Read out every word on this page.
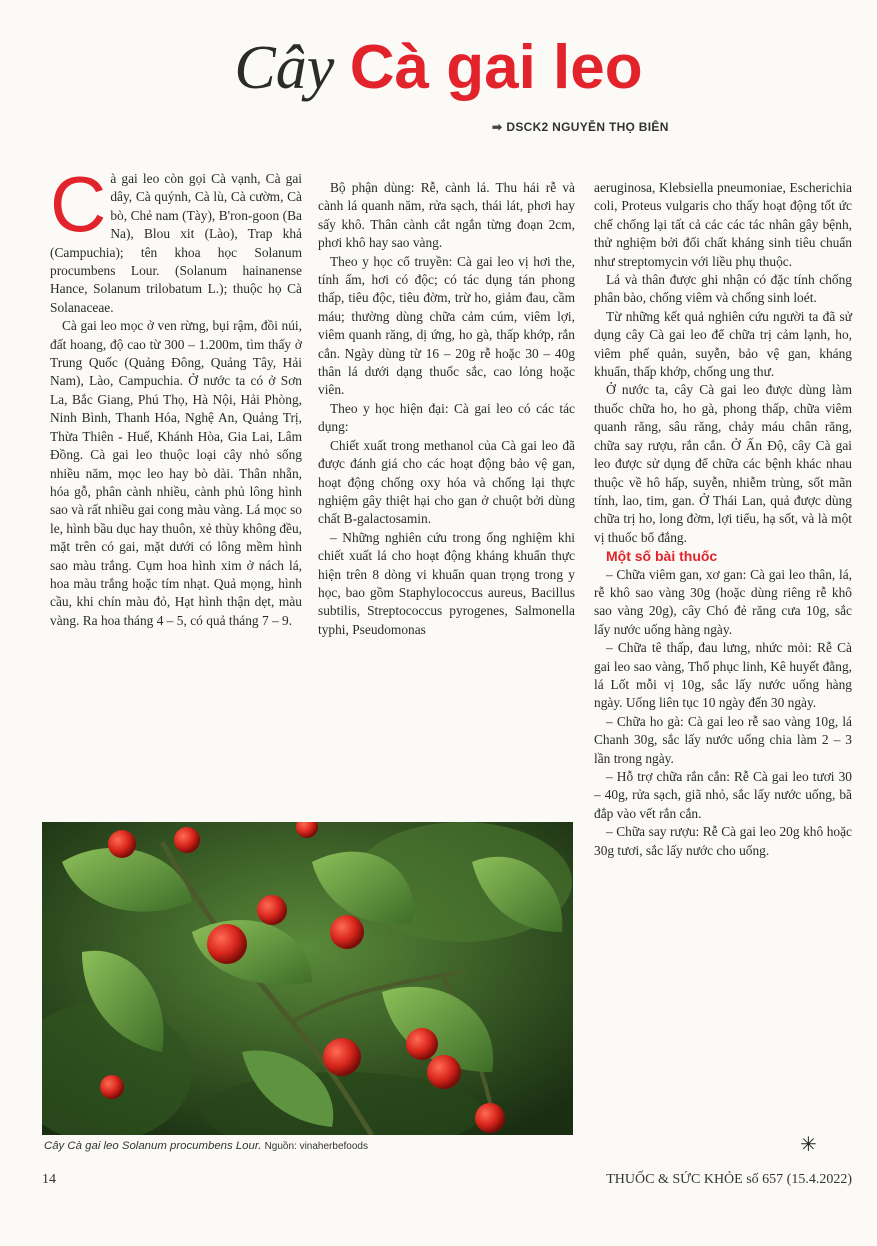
Cây Cà gai leo
➡ DSCK2 NGUYỄN THỌ BIÊN
C à gai leo còn gọi Cà vạnh, Cà gai dây, Cà quýnh, Cà lù, Cà cườm, Cà bò, Chẻ nam (Tày), B'ron-goon (Ba Na), Blou xit (Lào), Trap khả (Campuchia); tên khoa học Solanum procumbens Lour. (Solanum hainanense Hance, Solanum trilobatum L.); thuộc họ Cà Solanaceae.

Cà gai leo mọc ở ven rừng, bụi rậm, đồi núi, đất hoang, độ cao từ 300 – 1.200m, tìm thấy ở Trung Quốc (Quảng Đông, Quảng Tây, Hải Nam), Lào, Campuchia. Ở nước ta có ở Sơn La, Bắc Giang, Phú Thọ, Hà Nội, Hải Phòng, Ninh Bình, Thanh Hóa, Nghệ An, Quảng Trị, Thừa Thiên - Huế, Khánh Hòa, Gia Lai, Lâm Đồng. Cà gai leo thuộc loại cây nhỏ sống nhiều năm, mọc leo hay bò dài. Thân nhẵn, hóa gỗ, phân cành nhiều, cành phủ lông hình sao và rất nhiều gai cong màu vàng. Lá mọc so le, hình bầu dục hay thuôn, xẻ thùy không đều, mặt trên có gai, mặt dưới có lông mềm hình sao màu trắng. Cụm hoa hình xim ở nách lá, hoa màu trắng hoặc tím nhạt. Quả mọng, hình cầu, khi chín màu đỏ, Hạt hình thận dẹt, màu vàng. Ra hoa tháng 4 – 5, có quả tháng 7 – 9.

Bộ phận dùng: Rễ, cành lá. Thu hái rễ và cành lá quanh năm, rửa sạch, thái lát, phơi hay sấy khô. Thân cành cắt ngắn từng đoạn 2cm, phơi khô hay sao vàng.

Theo y học cổ truyền: Cà gai leo vị hơi the, tính ấm, hơi có độc; có tác dụng tán phong thấp, tiêu độc, tiêu đờm, trừ ho, giảm đau, cầm máu; thường dùng chữa cảm cúm, viêm lợi, viêm quanh răng, dị ứng, ho gà, thấp khớp, rắn cắn. Ngày dùng từ 16 – 20g rễ hoặc 30 – 40g thân lá dưới dạng thuốc sắc, cao lỏng hoặc viên.

Theo y học hiện đại: Cà gai leo có các tác dụng:

Chiết xuất trong methanol của Cà gai leo đã được đánh giá cho các hoạt động bảo vệ gan, hoạt động chống oxy hóa và chống lại thực nghiệm gây thiệt hại cho gan ở chuột bởi dùng chất B-galactosamin.

– Những nghiên cứu trong ống nghiệm khi chiết xuất lá cho hoạt động kháng khuẩn thực hiện trên 8 dòng vi khuẩn quan trọng trong y học, bao gồm Staphylococcus aureus, Bacillus subtilis, Streptococcus pyrogenes, Salmonella typhi, Pseudomonas

aeruginosa, Klebsiella pneumoniae, Escherichia coli, Proteus vulgaris cho thấy hoạt động tốt ức chế chống lại tất cả các các tác nhân gây bệnh, thử nghiệm bởi đối chất kháng sinh tiêu chuẩn như streptomycin với liều phụ thuộc.

Lá và thân được ghi nhận có đặc tính chống phân bào, chống viêm và chống sinh loét.

Từ những kết quả nghiên cứu người ta đã sử dụng cây Cà gai leo để chữa trị cảm lạnh, ho, viêm phế quản, suyễn, bảo vệ gan, kháng khuẩn, thấp khớp, chống ung thư.

Ở nước ta, cây Cà gai leo được dùng làm thuốc chữa ho, ho gà, phong thấp, chữa viêm quanh răng, sâu răng, chảy máu chân răng, chữa say rượu, rắn cắn. Ở Ấn Độ, cây Cà gai leo được sử dụng để chữa các bệnh khác nhau thuộc về hô hấp, suyễn, nhiễm trùng, sốt mãn tính, lao, tim, gan. Ở Thái Lan, quả được dùng chữa trị ho, long đờm, lợi tiểu, hạ sốt, và là một vị thuốc bổ đắng.

Một số bài thuốc

– Chữa viêm gan, xơ gan: Cà gai leo thân, lá, rễ khô sao vàng 30g (hoặc dùng riêng rễ khô sao vàng 20g), cây Chó đẻ răng cưa 10g, sắc lấy nước uống hàng ngày.

– Chữa tê thấp, đau lưng, nhức mỏi: Rễ Cà gai leo sao vàng, Thổ phục linh, Kê huyết đằng, lá Lốt mỗi vị 10g, sắc lấy nước uống hàng ngày. Uống liên tục 10 ngày đến 30 ngày.

– Chữa ho gà: Cà gai leo rễ sao vàng 10g, lá Chanh 30g, sắc lấy nước uống chia làm 2 – 3 lần trong ngày.

– Hỗ trợ chữa rắn cắn: Rễ Cà gai leo tươi 30 – 40g, rửa sạch, giã nhỏ, sắc lấy nước uống, bã đắp vào vết rắn cắn.

– Chữa say rượu: Rễ Cà gai leo 20g khô hoặc 30g tươi, sắc lấy nước cho uống.

Cây Cà gai leo Solanum procumbens Lour. Nguồn: vinaherbefoods	✳
14	THUỐC & SỨC KHỎE số 657 (15.4.2022)
